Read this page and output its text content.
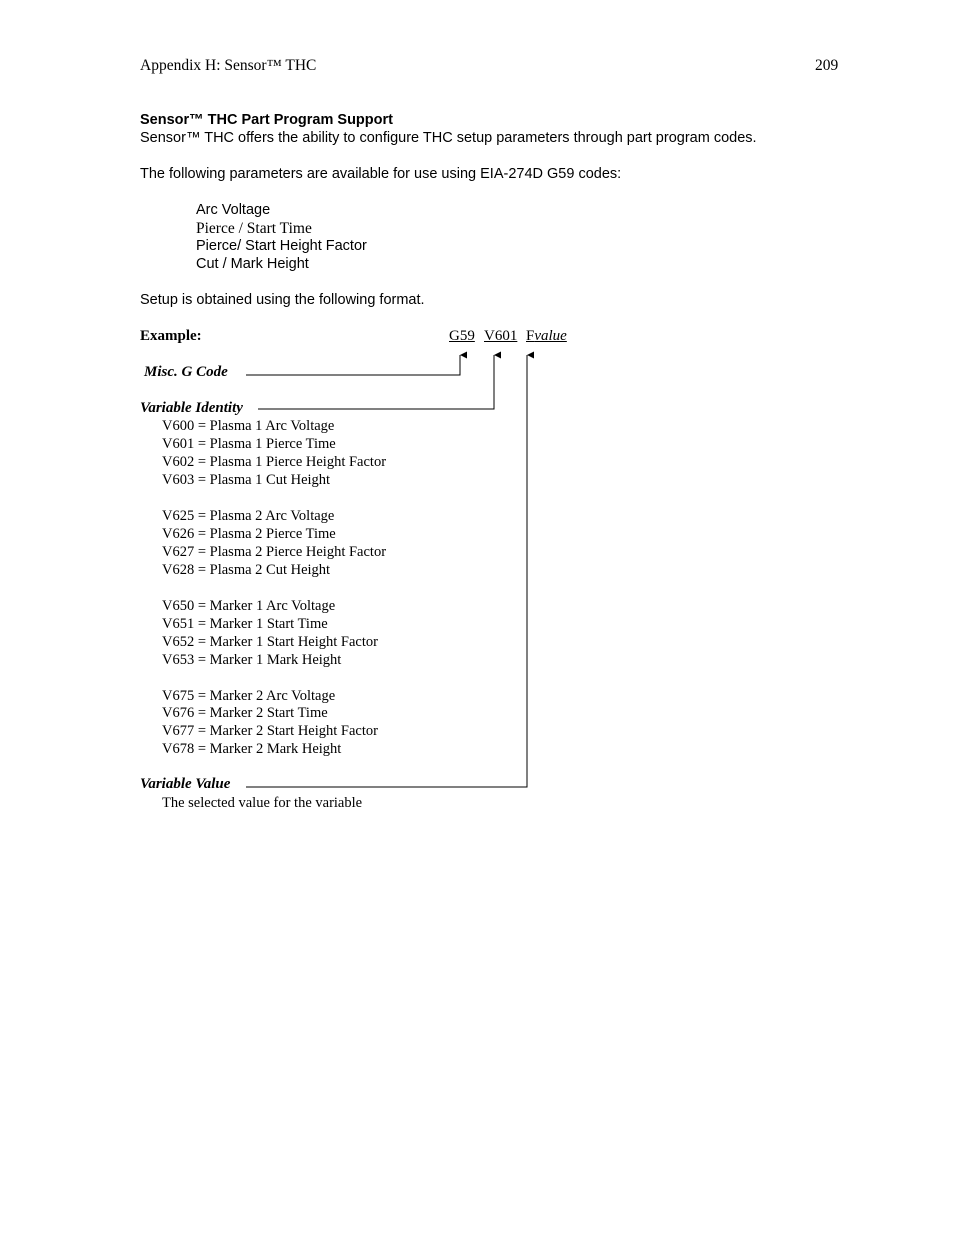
Appendix H: Sensor™ THC	209
Sensor™ THC Part Program Support
Sensor™ THC offers the ability to configure THC setup parameters through part program codes.
The following parameters are available for use using EIA-274D G59 codes:
Arc Voltage
Pierce / Start Time
Pierce/ Start Height Factor
Cut / Mark Height
Setup is obtained using the following format.
Example:	G59 V601 Fvalue
Misc. G Code
Variable Identity
V600 = Plasma 1 Arc Voltage
V601 = Plasma 1 Pierce Time
V602 = Plasma 1 Pierce Height Factor
V603 = Plasma 1 Cut Height
V625 = Plasma 2 Arc Voltage
V626 = Plasma 2 Pierce Time
V627 = Plasma 2 Pierce Height Factor
V628 = Plasma 2 Cut Height
V650 = Marker 1 Arc Voltage
V651 = Marker 1 Start Time
V652 = Marker 1 Start Height Factor
V653 = Marker 1 Mark Height
V675 = Marker 2 Arc Voltage
V676 = Marker 2 Start Time
V677 = Marker 2 Start Height Factor
V678 = Marker 2 Mark Height
Variable Value
The selected value for the variable
